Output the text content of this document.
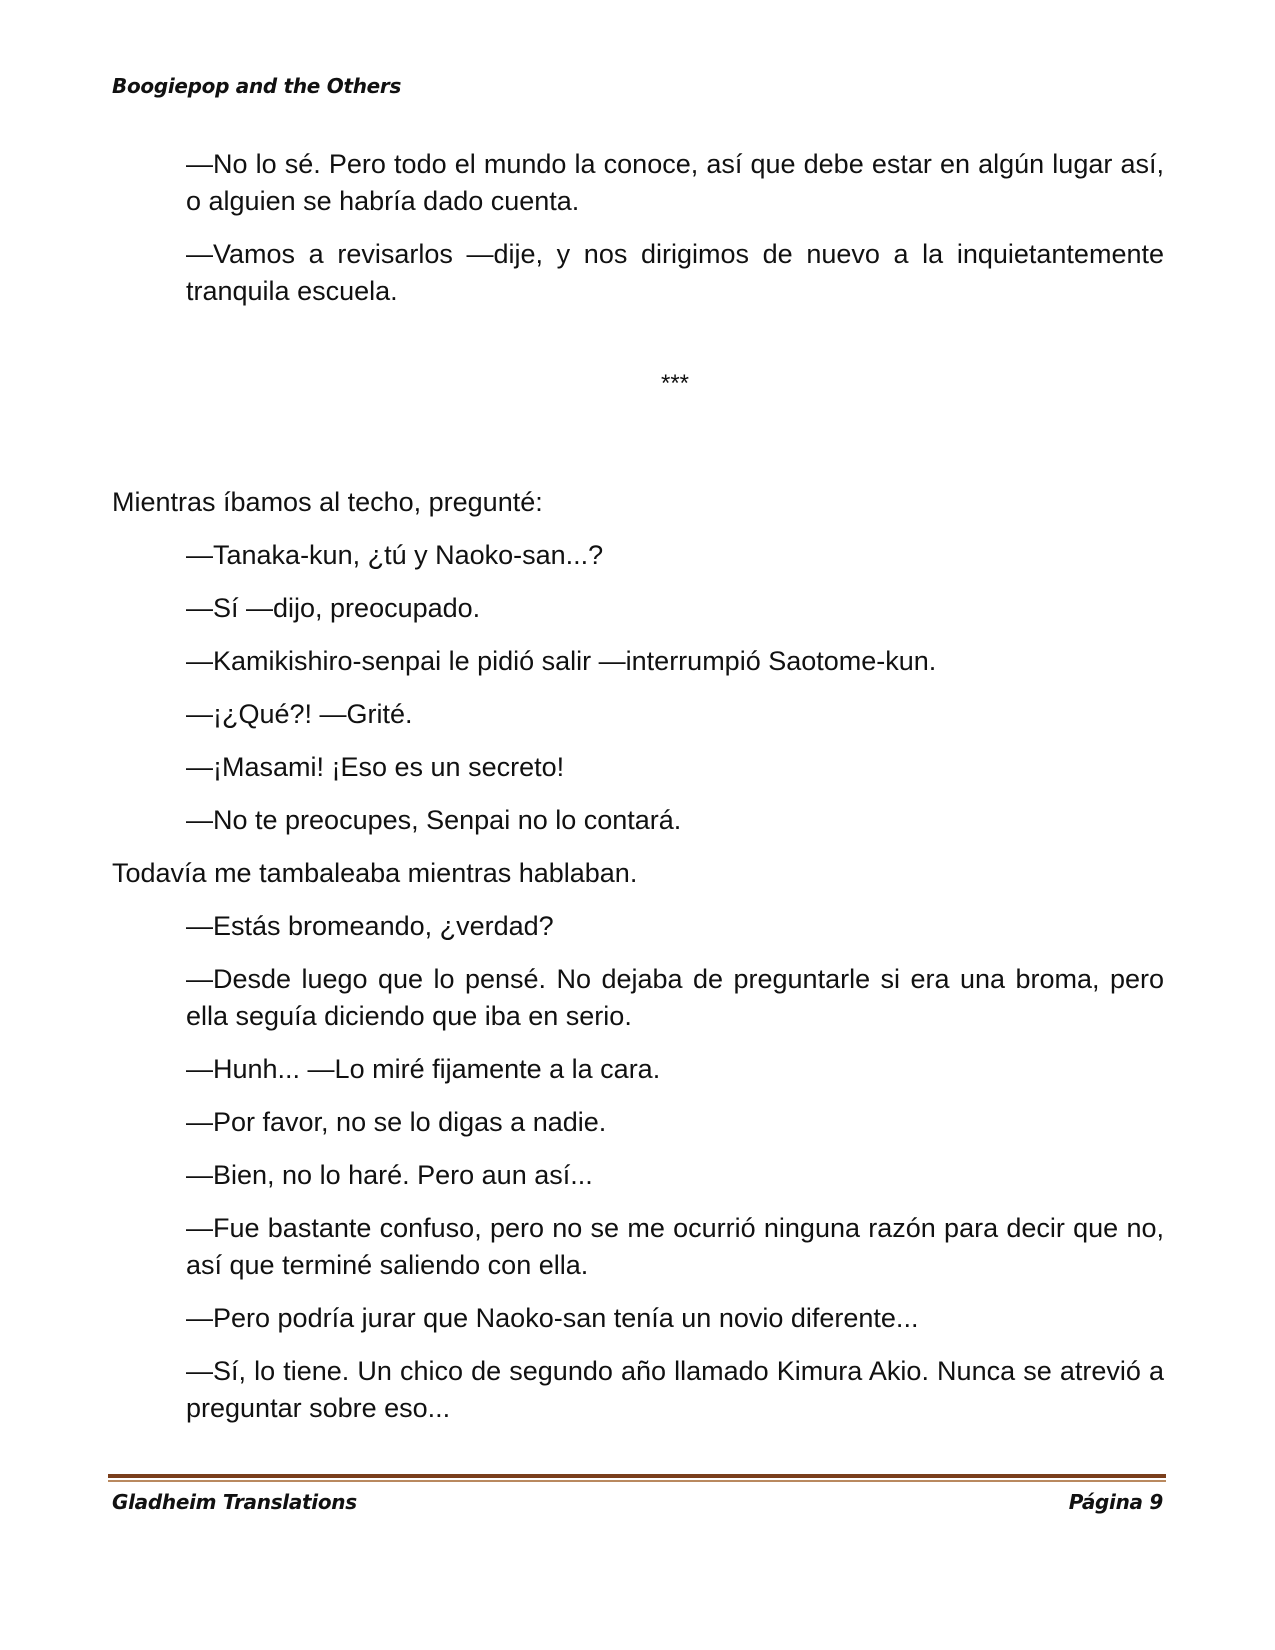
Boogiepop and the Others

—No lo sé. Pero todo el mundo la conoce, así que debe estar en algún lugar así, o alguien se habría dado cuenta.

—Vamos a revisarlos —dije, y nos dirigimos de nuevo a la inquietantemente tranquila escuela.

***

Mientras íbamos al techo, pregunté:

—Tanaka-kun, ¿tú y Naoko-san...?

—Sí —dijo, preocupado.

—Kamikishiro-senpai le pidió salir —interrumpió Saotome-kun.

—¡¿Qué?! —Grité.

—¡Masami! ¡Eso es un secreto!

—No te preocupes, Senpai no lo contará.

Todavía me tambaleaba mientras hablaban.

—Estás bromeando, ¿verdad?

—Desde luego que lo pensé. No dejaba de preguntarle si era una broma, pero ella seguía diciendo que iba en serio.

—Hunh... —Lo miré fijamente a la cara.

—Por favor, no se lo digas a nadie.

—Bien, no lo haré. Pero aun así...

—Fue bastante confuso, pero no se me ocurrió ninguna razón para decir que no, así que terminé saliendo con ella.

—Pero podría jurar que Naoko-san tenía un novio diferente...

—Sí, lo tiene. Un chico de segundo año llamado Kimura Akio. Nunca se atrevió a preguntar sobre eso...

Gladheim Translations	Página 9
